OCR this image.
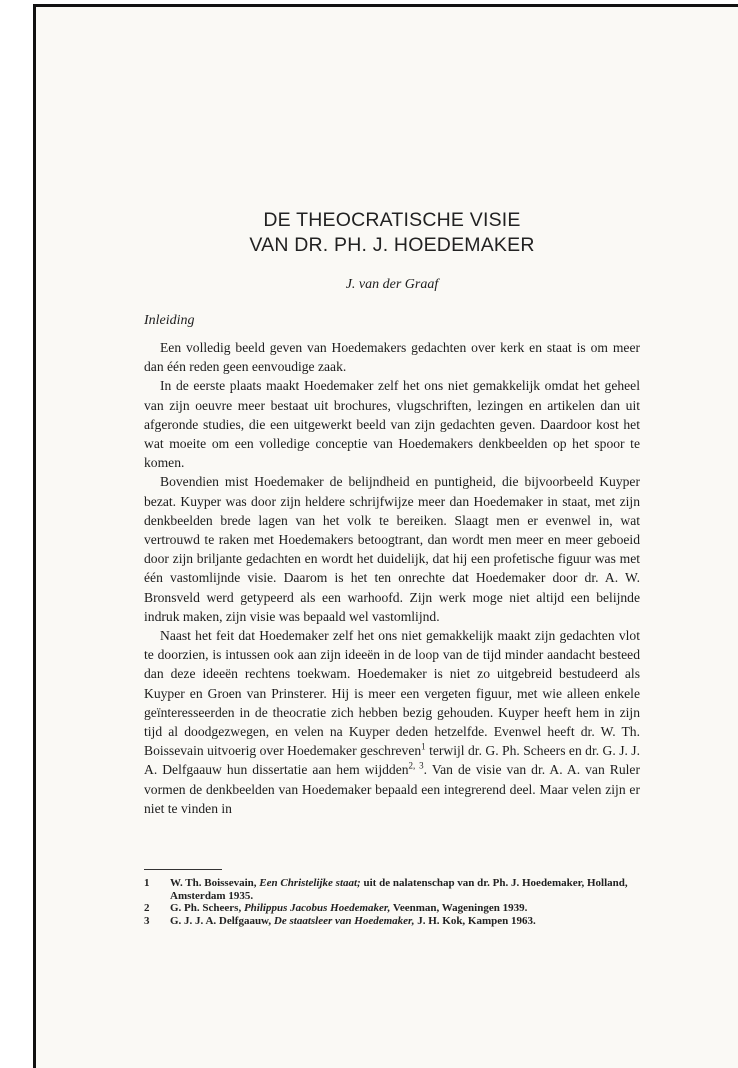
DE THEOCRATISCHE VISIE
VAN DR. PH. J. HOEDEMAKER
J. van der Graaf
Inleiding

Een volledig beeld geven van Hoedemakers gedachten over kerk en staat is om meer dan één reden geen eenvoudige zaak.

In de eerste plaats maakt Hoedemaker zelf het ons niet gemakkelijk omdat het geheel van zijn oeuvre meer bestaat uit brochures, vlugschriften, lezingen en artikelen dan uit afgeronde studies, die een uitgewerkt beeld van zijn gedachten geven. Daardoor kost het wat moeite om een volledige conceptie van Hoedemakers denkbeelden op het spoor te komen.

Bovendien mist Hoedemaker de belijndheid en puntigheid, die bijvoorbeeld Kuyper bezat. Kuyper was door zijn heldere schrijfwijze meer dan Hoedemaker in staat, met zijn denkbeelden brede lagen van het volk te bereiken. Slaagt men er evenwel in, wat vertrouwd te raken met Hoedemakers betoogtrant, dan wordt men meer en meer geboeid door zijn briljante gedachten en wordt het duidelijk, dat hij een profetische figuur was met één vastomlijnde visie. Daarom is het ten onrechte dat Hoedemaker door dr. A. W. Bronsveld werd getypeerd als een warhoofd. Zijn werk moge niet altijd een belijnde indruk maken, zijn visie was bepaald wel vastomlijnd.

Naast het feit dat Hoedemaker zelf het ons niet gemakkelijk maakt zijn gedachten vlot te doorzien, is intussen ook aan zijn ideeën in de loop van de tijd minder aandacht besteed dan deze ideeën rechtens toekwam. Hoedemaker is niet zo uitgebreid bestudeerd als Kuyper en Groen van Prinsterer. Hij is meer een vergeten figuur, met wie alleen enkele geïnteresseerden in de theocratie zich hebben bezig gehouden. Kuyper heeft hem in zijn tijd al doodgezwegen, en velen na Kuyper deden hetzelfde. Evenwel heeft dr. W. Th. Boissevain uitvoerig over Hoedemaker geschreven$^1$ terwijl dr. G. Ph. Scheers en dr. G. J. J. A. Delfgaauw hun dissertatie aan hem wijdden$^{2, 3}$. Van de visie van dr. A. A. van Ruler vormen de denkbeelden van Hoedemaker bepaald een integrerend deel. Maar velen zijn er niet te vinden in

1 W. Th. Boissevain, Een Christelijke staat; uit de nalatenschap van dr. Ph. J. Hoedemaker, Holland, Amsterdam 1935.
2 G. Ph. Scheers, Philippus Jacobus Hoedemaker, Veenman, Wageningen 1939.
3 G. J. J. A. Delfgaauw, De staatsleer van Hoedemaker, J. H. Kok, Kampen 1963.
